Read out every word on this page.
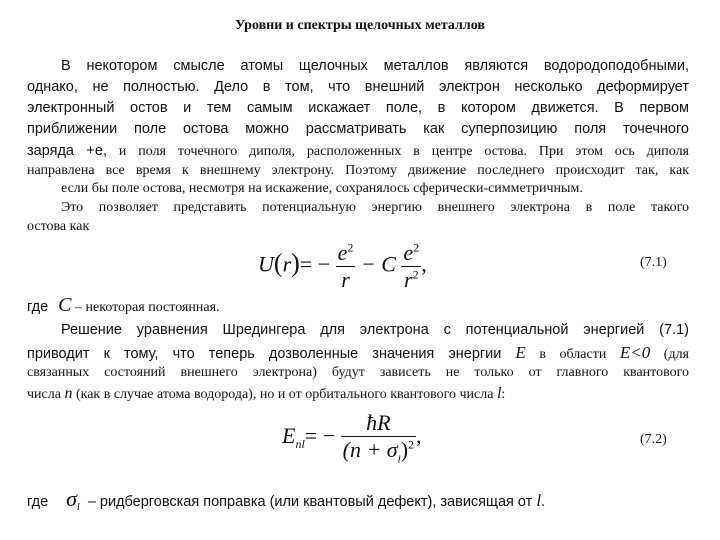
Уровни и спектры щелочных металлов
В некотором смысле атомы щелочных металлов являются водородоподобными,
однако, не полностью. Дело в том, что внешний электрон несколько деформирует
электронный остов и тем самым искажает поле, в котором движется. В первом
приближении поле остова можно рассматривать как суперпозицию поля точечного
заряда +е, и поля точечного диполя, расположенных в центре остова. При этом ось диполя
направлена все время к внешнему электрону. Поэтому движение последнего происходит так, как
если бы поле остова, несмотря на искажение, сохранялось сферически-симметричным.
Это позволяет представить потенциальную энергию внешнего электрона в поле такого
остова как
$U(r)= - \frac{e^2}{r} - C \frac{e^2}{r^2}$ ,	(7.1)
где C – некоторая постоянная.
Решение уравнения Шредингера для электрона с потенциальной энергией (7.1)
приводит к тому, что теперь дозволенные значения энергии E в области E<0 (для
связанных состояний внешнего электрона) будут зависеть не только от главного квантового
числа n (как в случае атома водорода), но и от орбитального квантового числа l:
$E_{nl}= - \frac{ħR}{(n + \sigma_l)^2}$ ,	(7.2)
где $\sigma_l$ – ридберговская поправка (или квантовый дефект), зависящая от l.
